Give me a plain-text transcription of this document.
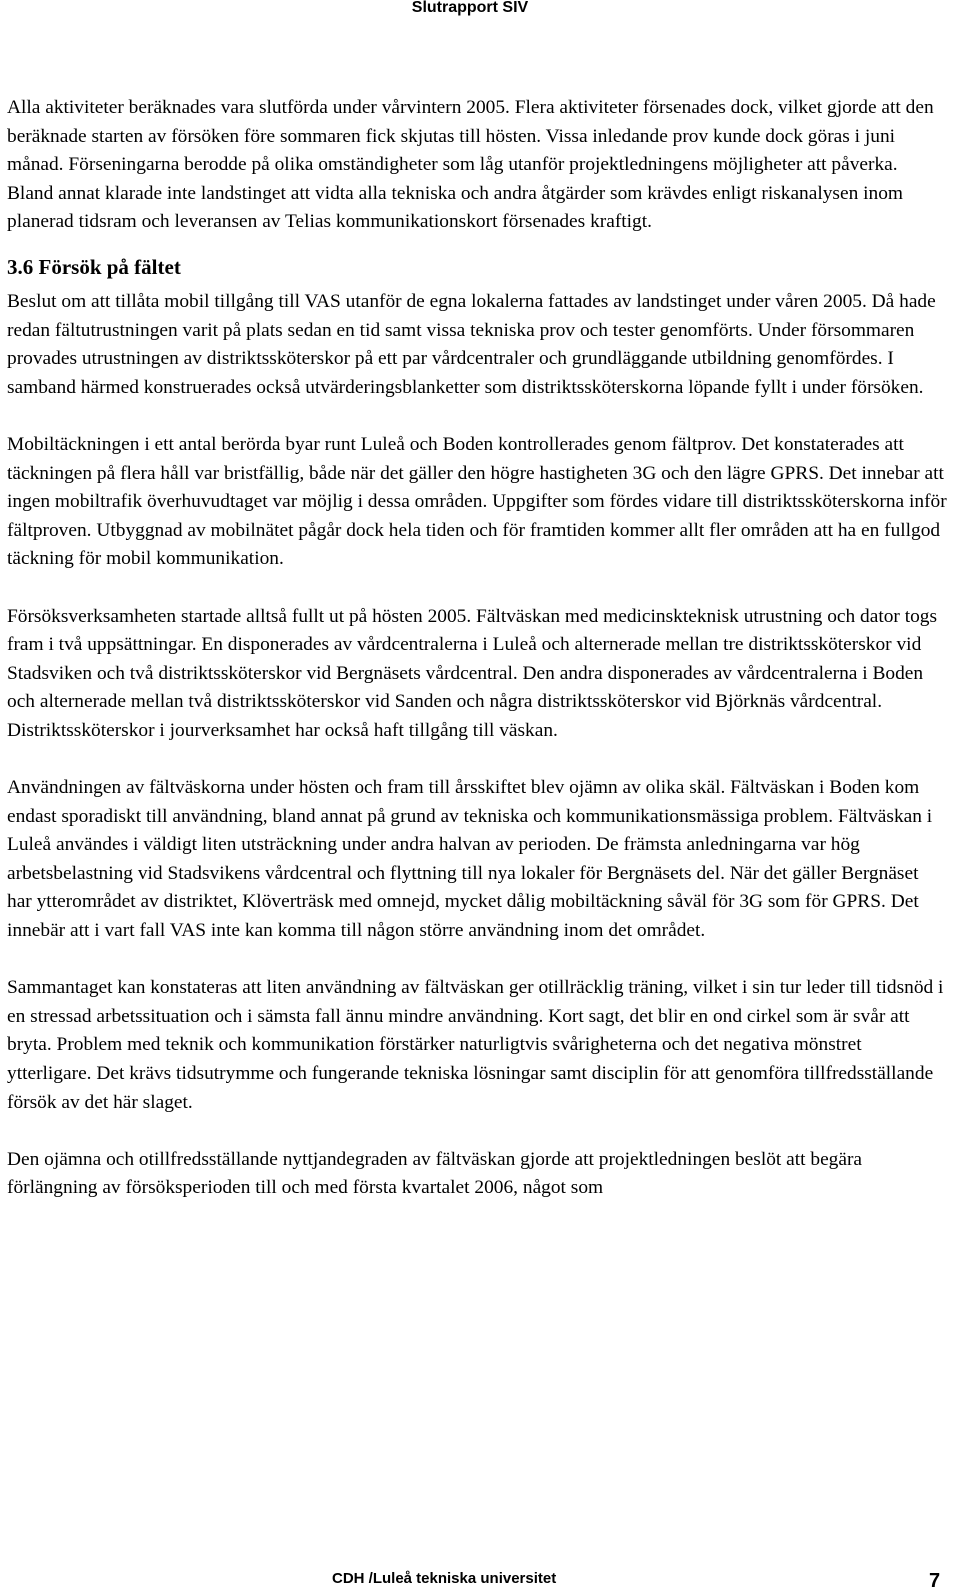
Slutrapport SIV

Alla aktiviteter beräknades vara slutförda under vårvintern 2005. Flera aktiviteter försenades dock, vilket gjorde att den beräknade starten av försöken före sommaren fick skjutas till hösten. Vissa inledande prov kunde dock göras i juni månad. Förseningarna berodde på olika omständigheter som låg utanför projektledningens möjligheter att påverka. Bland annat klarade inte landstinget att vidta alla tekniska och andra åtgärder som krävdes enligt riskanalysen inom planerad tidsram och leveransen av Telias kommunikationskort försenades kraftigt.

3.6 Försök på fältet

Beslut om att tillåta mobil tillgång till VAS utanför de egna lokalerna fattades av landstinget under våren 2005. Då hade redan fältutrustningen varit på plats sedan en tid samt vissa tekniska prov och tester genomförts. Under försommaren provades utrustningen av distriktssköterskor på ett par vårdcentraler och grundläggande utbildning genomfördes. I samband härmed konstruerades också utvärderingsblanketter som distriktssköterskorna löpande fyllt i under försöken.

Mobiltäckningen i ett antal berörda byar runt Luleå och Boden kontrollerades genom fältprov. Det konstaterades att täckningen på flera håll var bristfällig, både när det gäller den högre hastigheten 3G och den lägre GPRS. Det innebar att ingen mobiltrafik överhuvudtaget var möjlig i dessa områden. Uppgifter som fördes vidare till distriktssköterskorna inför fältproven. Utbyggnad av mobilnätet pågår dock hela tiden och för framtiden kommer allt fler områden att ha en fullgod täckning för mobil kommunikation.

Försöksverksamheten startade alltså fullt ut på hösten 2005. Fältväskan med medicinskteknisk utrustning och dator togs fram i två uppsättningar. En disponerades av vårdcentralerna i Luleå och alternerade mellan tre distriktssköterskor vid Stadsviken och två distriktssköterskor vid Bergnäsets vårdcentral. Den andra disponerades av vårdcentralerna i Boden och alternerade mellan två distriktssköterskor vid Sanden och några distriktssköterskor vid Björknäs vårdcentral. Distriktssköterskor i jourverksamhet har också haft tillgång till väskan.

Användningen av fältväskorna under hösten och fram till årsskiftet blev ojämn av olika skäl. Fältväskan i Boden kom endast sporadiskt till användning, bland annat på grund av tekniska och kommunikationsmässiga problem. Fältväskan i Luleå användes i väldigt liten utsträckning under andra halvan av perioden. De främsta anledningarna var hög arbetsbelastning vid Stadsvikens vårdcentral och flyttning till nya lokaler för Bergnäsets del. När det gäller Bergnäset har ytterområdet av distriktet, Klöverträsk med omnejd, mycket dålig mobiltäckning såväl för 3G som för GPRS. Det innebär att i vart fall VAS inte kan komma till någon större användning inom det området.

Sammantaget kan konstateras att liten användning av fältväskan ger otillräcklig träning, vilket i sin tur leder till tidsnöd i en stressad arbetssituation och i sämsta fall ännu mindre användning. Kort sagt, det blir en ond cirkel som är svår att bryta. Problem med teknik och kommunikation förstärker naturligtvis svårigheterna och det negativa mönstret ytterligare. Det krävs tidsutrymme och fungerande tekniska lösningar samt disciplin för att genomföra tillfredsställande försök av det här slaget.

Den ojämna och otillfredsställande nyttjandegraden av fältväskan gjorde att projektledningen beslöt att begära förlängning av försöksperioden till och med första kvartalet 2006, något som

CDH /Luleå tekniska universitet	7
